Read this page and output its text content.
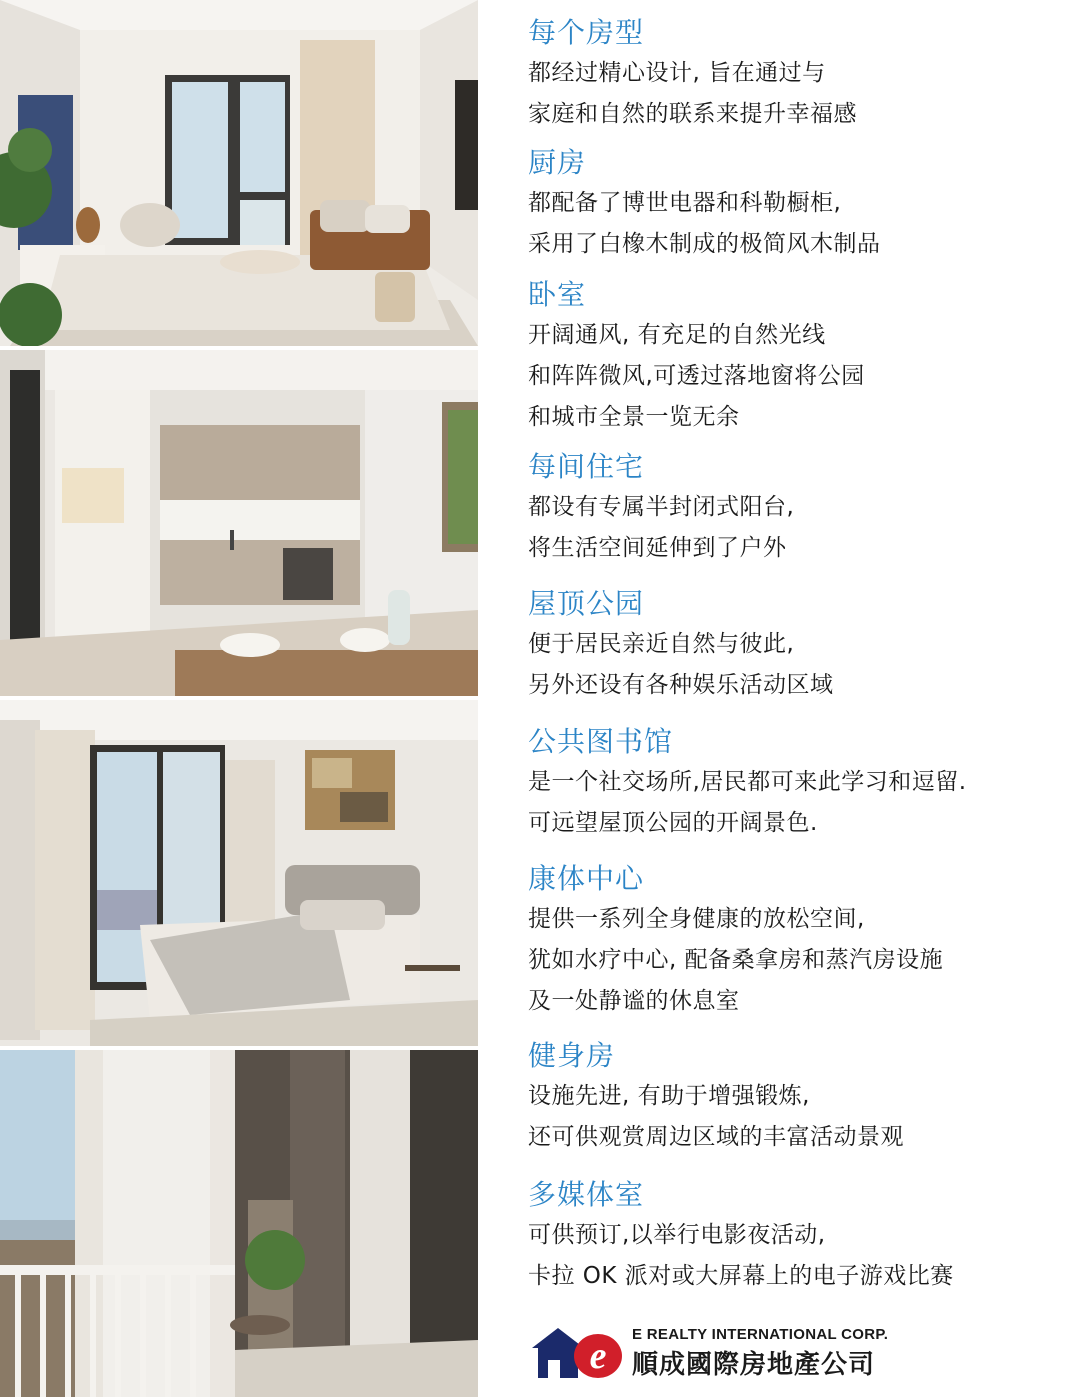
每个房型

都经过精心设计, 旨在通过与

家庭和自然的联系来提升幸福感

厨房

都配备了博世电器和科勒橱柜,

采用了白橡木制成的极简风木制品

卧室

开阔通风, 有充足的自然光线

和阵阵微风,可透过落地窗将公园

和城市全景一览无余

每间住宅

都设有专属半封闭式阳台,

将生活空间延伸到了户外

屋顶公园

便于居民亲近自然与彼此,

另外还设有各种娱乐活动区域

公共图书馆

是一个社交场所,居民都可来此学习和逗留.

可远望屋顶公园的开阔景色.

康体中心

提供一系列全身健康的放松空间,

犹如水疗中心, 配备桑拿房和蒸汽房设施

及一处静谧的休息室

健身房

设施先进, 有助于增强锻炼,

还可供观赏周边区域的丰富活动景观

多媒体室

可供预订,以举行电影夜活动,

卡拉 OK 派对或大屏幕上的电子游戏比赛

e
E REALTY INTERNATIONAL CORP.
順成國際房地產公司
